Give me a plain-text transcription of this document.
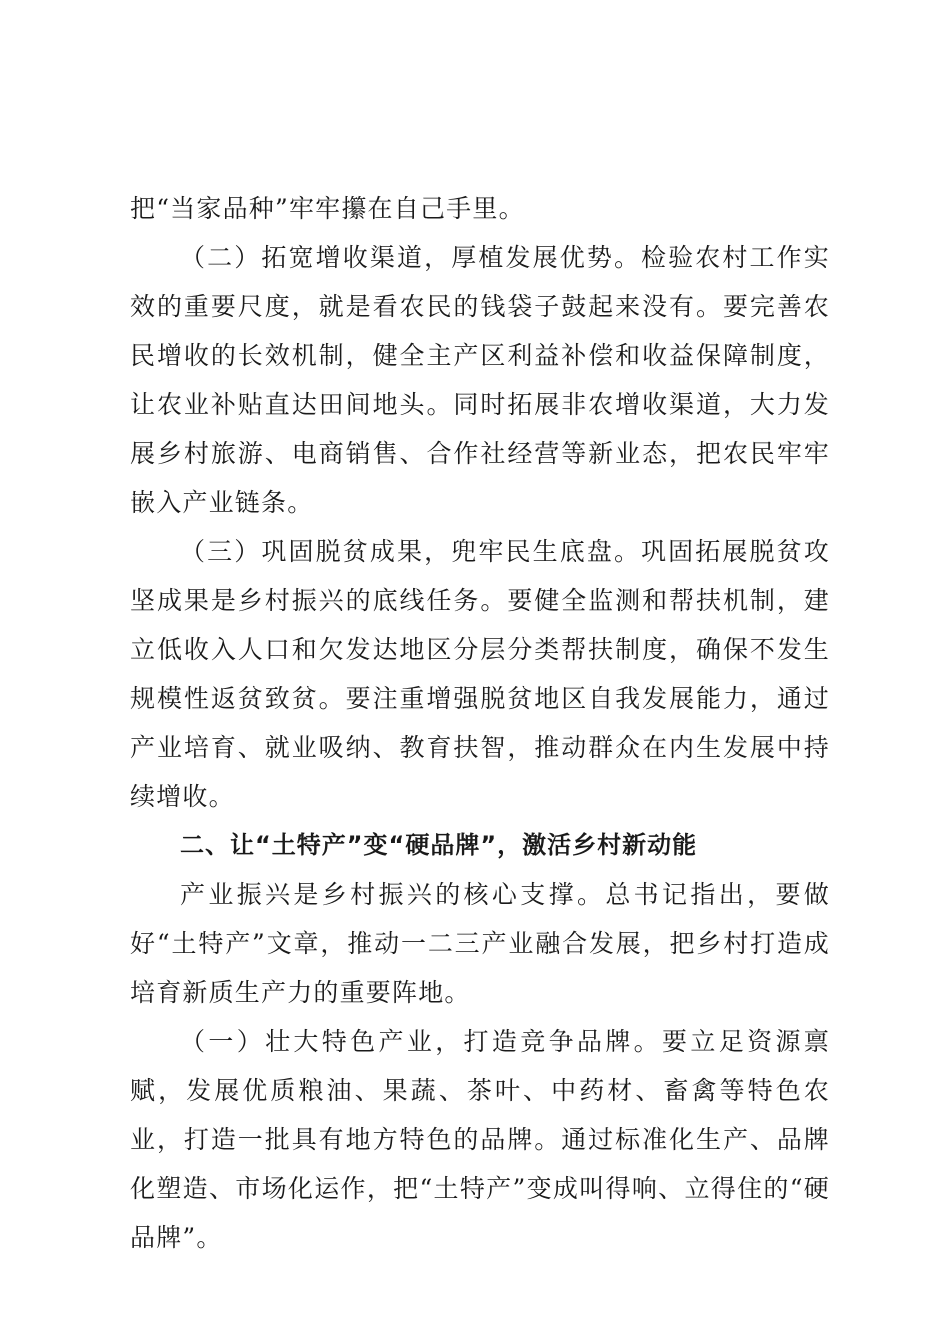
把“当家品种”牢牢攥在自己手里。

（二）拓宽增收渠道，厚植发展优势。检验农村工作实效的重要尺度，就是看农民的钱袋子鼓起来没有。要完善农民增收的长效机制，健全主产区利益补偿和收益保障制度，让农业补贴直达田间地头。同时拓展非农增收渠道，大力发展乡村旅游、电商销售、合作社经营等新业态，把农民牢牢嵌入产业链条。

（三）巩固脱贫成果，兜牢民生底盘。巩固拓展脱贫攻坚成果是乡村振兴的底线任务。要健全监测和帮扶机制，建立低收入人口和欠发达地区分层分类帮扶制度，确保不发生规模性返贫致贫。要注重增强脱贫地区自我发展能力，通过产业培育、就业吸纳、教育扶智，推动群众在内生发展中持续增收。

二、让“土特产”变“硬品牌”，激活乡村新动能

产业振兴是乡村振兴的核心支撑。总书记指出，要做好“土特产”文章，推动一二三产业融合发展，把乡村打造成培育新质生产力的重要阵地。

（一）壮大特色产业，打造竞争品牌。要立足资源禀赋，发展优质粮油、果蔬、茶叶、中药材、畜禽等特色农业，打造一批具有地方特色的品牌。通过标准化生产、品牌化塑造、市场化运作，把“土特产”变成叫得响、立得住的“硬品牌”。
